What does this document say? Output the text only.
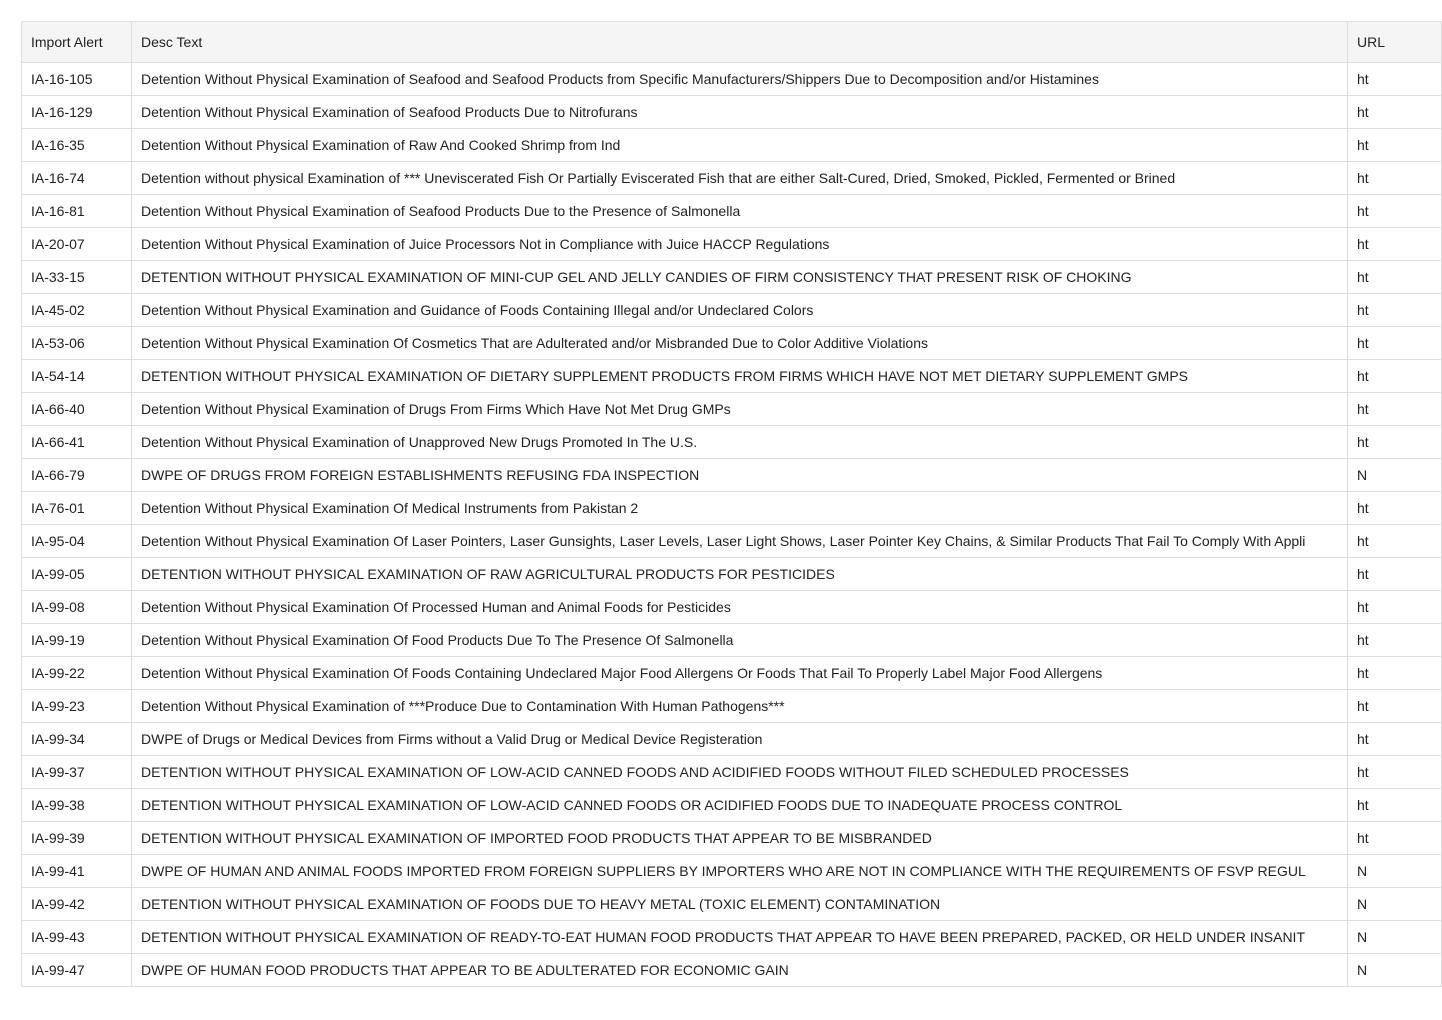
Import Alert	Desc Text	URL
IA-16-105	Detention Without Physical Examination of Seafood and Seafood Products from Specific Manufacturers/Shippers Due to Decomposition and/or Histamines	ht
IA-16-129	Detention Without Physical Examination of Seafood Products Due to Nitrofurans	ht
IA-16-35	Detention Without Physical Examination of Raw And Cooked Shrimp from Ind	ht
IA-16-74	Detention without physical Examination of *** Uneviscerated Fish Or Partially Eviscerated Fish that are either Salt-Cured, Dried, Smoked, Pickled, Fermented or Brined	ht
IA-16-81	Detention Without Physical Examination of Seafood Products Due to the Presence of Salmonella	ht
IA-20-07	Detention Without Physical Examination of Juice Processors Not in Compliance with Juice HACCP Regulations	ht
IA-33-15	DETENTION WITHOUT PHYSICAL EXAMINATION OF MINI-CUP GEL AND JELLY CANDIES OF FIRM CONSISTENCY THAT PRESENT RISK OF CHOKING	ht
IA-45-02	Detention Without Physical Examination and Guidance of Foods Containing Illegal and/or Undeclared Colors	ht
IA-53-06	Detention Without Physical Examination Of Cosmetics That are Adulterated and/or Misbranded Due to Color Additive Violations	ht
IA-54-14	DETENTION WITHOUT PHYSICAL EXAMINATION OF DIETARY SUPPLEMENT PRODUCTS FROM FIRMS WHICH HAVE NOT MET DIETARY SUPPLEMENT GMPS	ht
IA-66-40	Detention Without Physical Examination of Drugs From Firms Which Have Not Met Drug GMPs	ht
IA-66-41	Detention Without Physical Examination of Unapproved New Drugs Promoted In The U.S.	ht
IA-66-79	DWPE OF DRUGS FROM FOREIGN ESTABLISHMENTS REFUSING FDA INSPECTION	N
IA-76-01	Detention Without Physical Examination Of Medical Instruments from Pakistan 2	ht
IA-95-04	Detention Without Physical Examination Of Laser Pointers, Laser Gunsights, Laser Levels, Laser Light Shows, Laser Pointer Key Chains, & Similar Products That Fail To Comply With Appli	ht
IA-99-05	DETENTION WITHOUT PHYSICAL EXAMINATION OF RAW AGRICULTURAL PRODUCTS FOR PESTICIDES	ht
IA-99-08	Detention Without Physical Examination Of Processed Human and Animal Foods for Pesticides	ht
IA-99-19	Detention Without Physical Examination Of Food Products Due To The Presence Of Salmonella	ht
IA-99-22	Detention Without Physical Examination Of Foods Containing Undeclared Major Food Allergens Or Foods That Fail To Properly Label Major Food Allergens	ht
IA-99-23	Detention Without Physical Examination of ***Produce Due to Contamination With Human Pathogens***	ht
IA-99-34	DWPE of Drugs or Medical Devices from Firms without a Valid Drug or Medical Device Registeration	ht
IA-99-37	DETENTION WITHOUT PHYSICAL EXAMINATION OF LOW-ACID CANNED FOODS AND ACIDIFIED FOODS WITHOUT FILED SCHEDULED PROCESSES	ht
IA-99-38	DETENTION WITHOUT PHYSICAL EXAMINATION OF LOW-ACID CANNED FOODS OR ACIDIFIED FOODS DUE TO INADEQUATE PROCESS CONTROL	ht
IA-99-39	DETENTION WITHOUT PHYSICAL EXAMINATION OF IMPORTED FOOD PRODUCTS THAT APPEAR TO BE MISBRANDED	ht
IA-99-41	DWPE OF HUMAN AND ANIMAL FOODS IMPORTED FROM FOREIGN SUPPLIERS BY IMPORTERS WHO ARE NOT IN COMPLIANCE WITH THE REQUIREMENTS OF FSVP REGUL	N
IA-99-42	DETENTION WITHOUT PHYSICAL EXAMINATION OF FOODS DUE TO HEAVY METAL (TOXIC ELEMENT) CONTAMINATION	N
IA-99-43	DETENTION WITHOUT PHYSICAL EXAMINATION OF READY-TO-EAT HUMAN FOOD PRODUCTS THAT APPEAR TO HAVE BEEN PREPARED, PACKED, OR HELD UNDER INSANIT	N
IA-99-47	DWPE OF HUMAN FOOD PRODUCTS THAT APPEAR TO BE ADULTERATED FOR ECONOMIC GAIN	N
